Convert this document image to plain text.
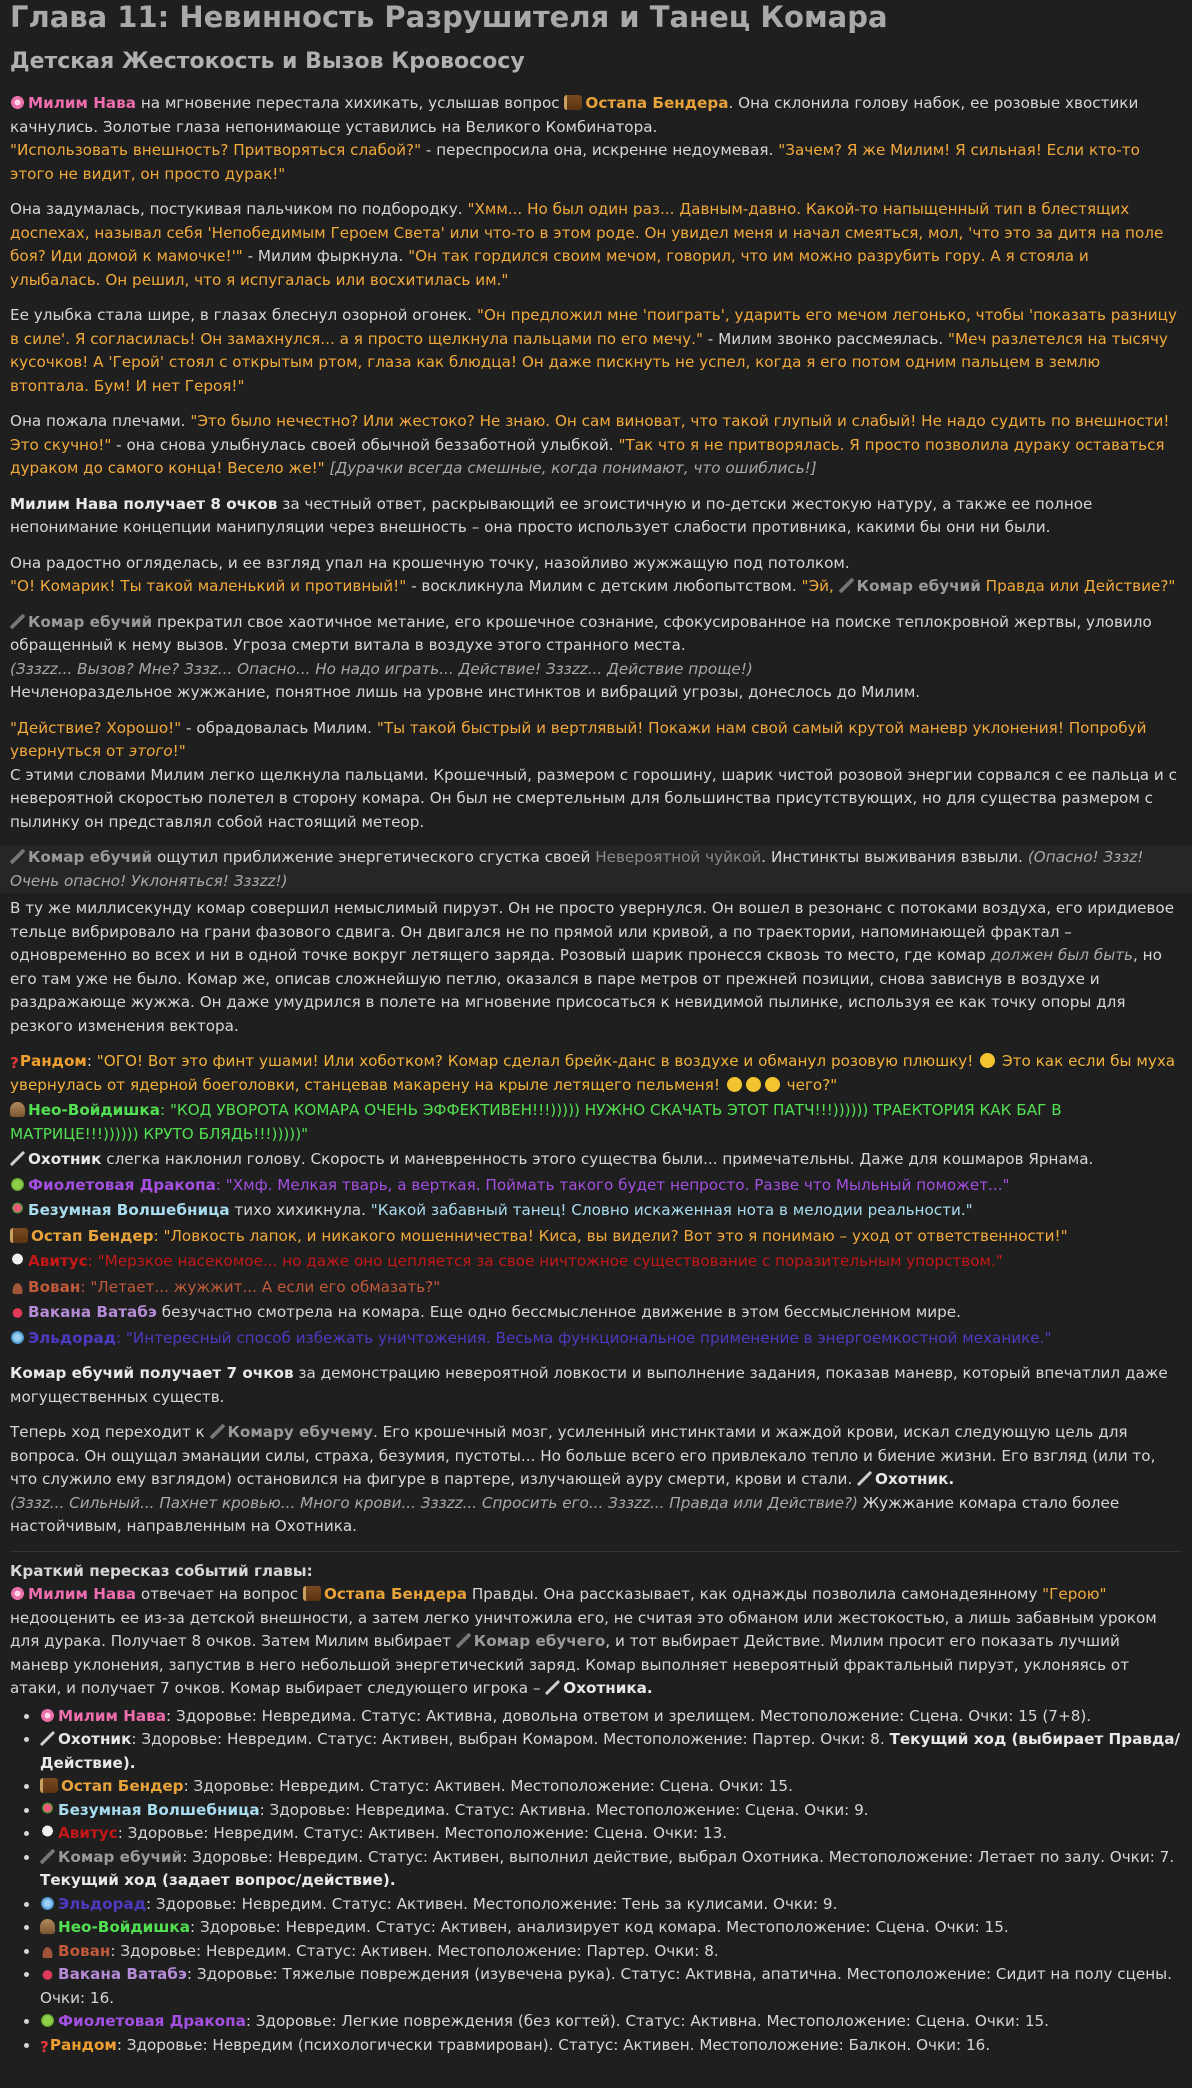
Глава 11: Невинность Разрушителя и Танец Комара
Детская Жестокость и Вызов Кровососу

Милим Нава на мгновение перестала хихикать, услышав вопрос Остапа Бендера. Она склонила голову набок, ее розовые хвостики качнулись. Золотые глаза непонимающе уставились на Великого Комбинатора.

"Использовать внешность? Притворяться слабой?" - переспросила она, искренне недоумевая. "Зачем? Я же Милим! Я сильная! Если кто-то этого не видит, он просто дурак!"

Она задумалась, постукивая пальчиком по подбородку. "Хмм... Но был один раз... Давным-давно. Какой-то напыщенный тип в блестящих доспехах, называл себя 'Непобедимым Героем Света' или что-то в этом роде. Он увидел меня и начал смеяться, мол, 'что это за дитя на поле боя? Иди домой к мамочке!'" - Милим фыркнула. "Он так гордился своим мечом, говорил, что им можно разрубить гору. А я стояла и улыбалась. Он решил, что я испугалась или восхитилась им."

Ее улыбка стала шире, в глазах блеснул озорной огонек. "Он предложил мне 'поиграть', ударить его мечом легонько, чтобы 'показать разницу в силе'. Я согласилась! Он замахнулся... а я просто щелкнула пальцами по его мечу." - Милим звонко рассмеялась. "Меч разлетелся на тысячу кусочков! А 'Герой' стоял с открытым ртом, глаза как блюдца! Он даже пискнуть не успел, когда я его потом одним пальцем в землю втоптала. Бум! И нет Героя!"

Она пожала плечами. "Это было нечестно? Или жестоко? Не знаю. Он сам виноват, что такой глупый и слабый! Не надо судить по внешности! Это скучно!" - она снова улыбнулась своей обычной беззаботной улыбкой. "Так что я не притворялась. Я просто позволила дураку оставаться дураком до самого конца! Весело же!" [Дурачки всегда смешные, когда понимают, что ошиблись!]

Милим Нава получает 8 очков за честный ответ, раскрывающий ее эгоистичную и по-детски жестокую натуру, а также ее полное непонимание концепции манипуляции через внешность – она просто использует слабости противника, какими бы они ни были.

Она радостно огляделась, и ее взгляд упал на крошечную точку, назойливо жужжащую под потолком.

"О! Комарик! Ты такой маленький и противный!" - воскликнула Милим с детским любопытством. "Эй, Комар ебучий Правда или Действие?"

Комар ебучий прекратил свое хаотичное метание, его крошечное сознание, сфокусированное на поиске теплокровной жертвы, уловило обращенный к нему вызов. Угроза смерти витала в воздухе этого странного места.

(Зззzz... Вызов? Мне? Зззz... Опасно... Но надо играть... Действие! Зззzz... Действие проще!)

Нечленораздельное жужжание, понятное лишь на уровне инстинктов и вибраций угрозы, донеслось до Милим.

"Действие? Хорошо!" - обрадовалась Милим. "Ты такой быстрый и вертлявый! Покажи нам свой самый крутой маневр уклонения! Попробуй увернуться от этого!"

С этими словами Милим легко щелкнула пальцами. Крошечный, размером с горошину, шарик чистой розовой энергии сорвался с ее пальца и с невероятной скоростью полетел в сторону комара. Он был не смертельным для большинства присутствующих, но для существа размером с пылинку он представлял собой настоящий метеор.

Комар ебучий ощутил приближение энергетического сгустка своей Невероятной чуйкой. Инстинкты выживания взвыли. (Опасно! Зззz! Очень опасно! Уклоняться! Зззzz!)

В ту же миллисекунду комар совершил немыслимый пируэт. Он не просто увернулся. Он вошел в резонанс с потоками воздуха, его иридиевое тельце вибрировало на грани фазового сдвига. Он двигался не по прямой или кривой, а по траектории, напоминающей фрактал – одновременно во всех и ни в одной точке вокруг летящего заряда. Розовый шарик пронесся сквозь то место, где комар должен был быть, но его там уже не было. Комар же, описав сложнейшую петлю, оказался в паре метров от прежней позиции, снова зависнув в воздухе и раздражающе жужжа. Он даже умудрился в полете на мгновение присосаться к невидимой пылинке, используя ее как точку опоры для резкого изменения вектора.

?Рандом: "ОГО! Вот это финт ушами! Или хоботком? Комар сделал брейк-данс в воздухе и обманул розовую плюшку!  Это как если бы муха увернулась от ядерной боеголовки, станцевав макарену на крыле летящего пельменя!	чего?"

Нео-Войдишка: "КОД УВОРОТА КОМАРА ОЧЕНЬ ЭФФЕКТИВЕН!!!))))) НУЖНО СКАЧАТЬ ЭТОТ ПАТЧ!!!)))))) ТРАЕКТОРИЯ КАК БАГ В МАТРИЦЕ!!!)))))) КРУТО БЛЯДЬ!!!)))))"

Охотник слегка наклонил голову. Скорость и маневренность этого существа были... примечательны. Даже для кошмаров Ярнама.

Фиолетовая Дракопа: "Хмф. Мелкая тварь, а верткая. Поймать такого будет непросто. Разве что Мыльный поможет..."

Безумная Волшебница тихо хихикнула. "Какой забавный танец! Словно искаженная нота в мелодии реальности."

Остап Бендер: "Ловкость лапок, и никакого мошенничества! Киса, вы видели? Вот это я понимаю – уход от ответственности!"

Авитус: "Мерзкое насекомое... но даже оно цепляется за свое ничтожное существование с поразительным упорством."

Вован: "Летает... жужжит... А если его обмазать?"

Вакана Ватабэ безучастно смотрела на комара. Еще одно бессмысленное движение в этом бессмысленном мире.

Эльдорад: "Интересный способ избежать уничтожения. Весьма функциональное применение в энергоемкостной механике."

Комар ебучий получает 7 очков за демонстрацию невероятной ловкости и выполнение задания, показав маневр, который впечатлил даже могущественных существ.

Теперь ход переходит к Комару ебучему. Его крошечный мозг, усиленный инстинктами и жаждой крови, искал следующую цель для вопроса. Он ощущал эманации силы, страха, безумия, пустоты... Но больше всего его привлекало тепло и биение жизни. Его взгляд (или то, что служило ему взглядом) остановился на фигуре в партере, излучающей ауру смерти, крови и стали. Охотник.

(Зззz... Сильный... Пахнет кровью... Много крови... Зззzz... Спросить его... Зззzz... Правда или Действие?) Жужжание комара стало более настойчивым, направленным на Охотника.

Краткий пересказ событий главы:

Милим Нава отвечает на вопрос Остапа Бендера Правды. Она рассказывает, как однажды позволила самонадеянному "Герою" недооценить ее из-за детской внешности, а затем легко уничтожила его, не считая это обманом или жестокостью, а лишь забавным уроком для дурака. Получает 8 очков. Затем Милим выбирает Комар ебучего, и тот выбирает Действие. Милим просит его показать лучший маневр уклонения, запустив в него небольшой энергетический заряд. Комар выполняет невероятный фрактальный пируэт, уклоняясь от атаки, и получает 7 очков. Комар выбирает следующего игрока – Охотника.

• Милим Нава: Здоровье: Невредима. Статус: Активна, довольна ответом и зрелищем. Местоположение: Сцена. Очки: 15 (7+8).
• Охотник: Здоровье: Невредим. Статус: Активен, выбран Комаром. Местоположение: Партер. Очки: 8. Текущий ход (выбирает Правда/Действие).
• Остап Бендер: Здоровье: Невредим. Статус: Активен. Местоположение: Сцена. Очки: 15.
• Безумная Волшебница: Здоровье: Невредима. Статус: Активна. Местоположение: Сцена. Очки: 9.
• Авитус: Здоровье: Невредим. Статус: Активен. Местоположение: Сцена. Очки: 13.
• Комар ебучий: Здоровье: Невредим. Статус: Активен, выполнил действие, выбрал Охотника. Местоположение: Летает по залу. Очки: 7. Текущий ход (задает вопрос/действие).
• Эльдорад: Здоровье: Невредим. Статус: Активен. Местоположение: Тень за кулисами. Очки: 9.
• Нео-Войдишка: Здоровье: Невредим. Статус: Активен, анализирует код комара. Местоположение: Сцена. Очки: 15.
• Вован: Здоровье: Невредим. Статус: Активен. Местоположение: Партер. Очки: 8.
• Вакана Ватабэ: Здоровье: Тяжелые повреждения (изувечена рука). Статус: Активна, апатична. Местоположение: Сидит на полу сцены. Очки: 16.
• Фиолетовая Дракопа: Здоровье: Легкие повреждения (без когтей). Статус: Активна. Местоположение: Сцена. Очки: 15.
• ?Рандом: Здоровье: Невредим (психологически травмирован). Статус: Активен. Местоположение: Балкон. Очки: 16.
